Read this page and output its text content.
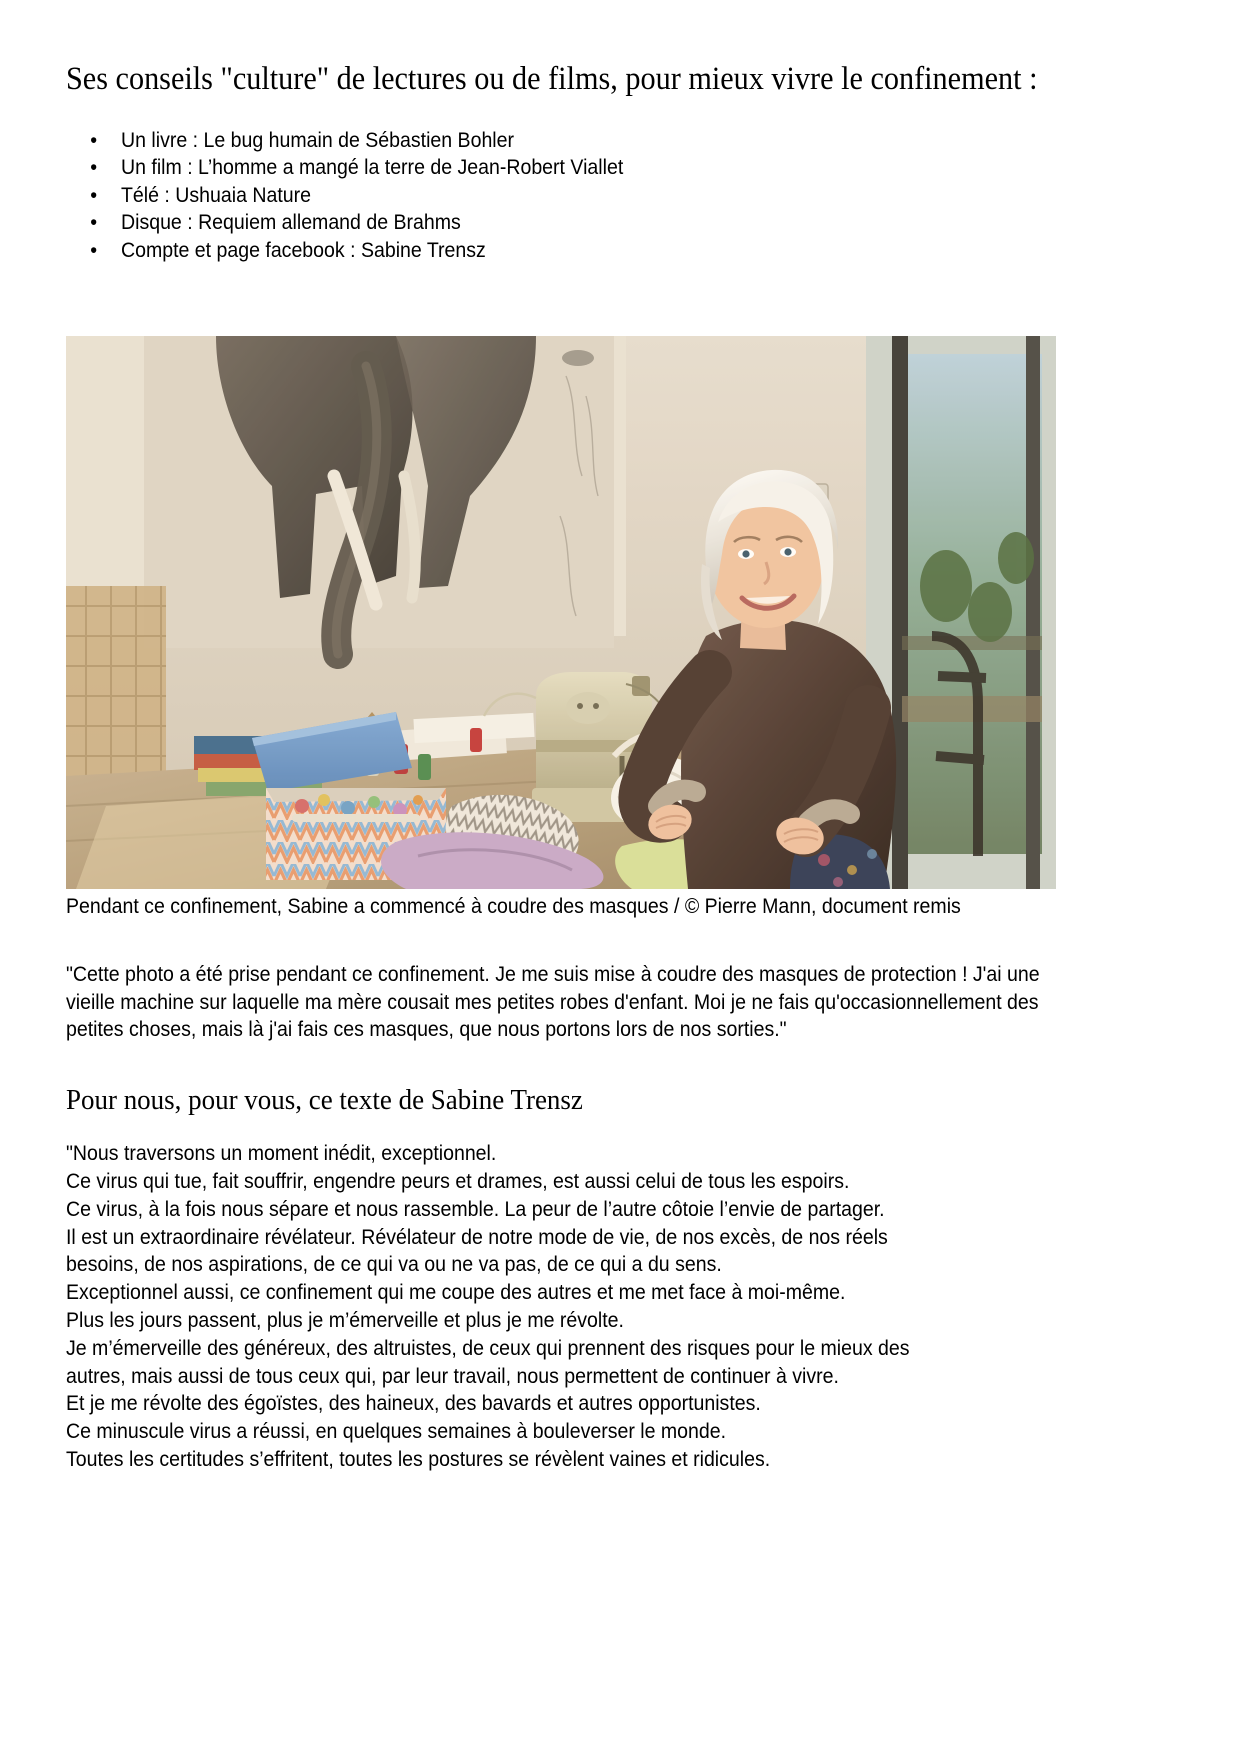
Ses conseils "culture" de lectures ou de films, pour mieux vivre le confinement :
• Un livre : Le bug humain de Sébastien Bohler
• Un film : L’homme a mangé la terre de Jean-Robert Viallet
• Télé : Ushuaia Nature
• Disque : Requiem allemand de Brahms
• Compte et page facebook : Sabine Trensz
Pendant ce confinement, Sabine a commencé à coudre des masques / © Pierre Mann, document remis

"Cette photo a été prise pendant ce confinement. Je me suis mise à coudre des masques de protection ! J'ai une vieille machine sur laquelle ma mère cousait mes petites robes d'enfant. Moi je ne fais qu'occasionnellement des petites choses, mais là j'ai fais ces masques, que nous portons lors de nos sorties."

Pour nous, pour vous, ce texte de Sabine Trensz
"Nous traversons un moment inédit, exceptionnel.
Ce virus qui tue, fait souffrir, engendre peurs et drames, est aussi celui de tous les espoirs.
Ce virus, à la fois nous sépare et nous rassemble. La peur de l’autre côtoie l’envie de partager.
Il est un extraordinaire révélateur. Révélateur de notre mode de vie, de nos excès, de nos réels
besoins, de nos aspirations, de ce qui va ou ne va pas, de ce qui a du sens.
Exceptionnel aussi, ce confinement qui me coupe des autres et me met face à moi-même.
Plus les jours passent, plus je m’émerveille et plus je me révolte.
Je m’émerveille des généreux, des altruistes, de ceux qui prennent des risques pour le mieux des
autres, mais aussi de tous ceux qui, par leur travail, nous permettent de continuer à vivre.
Et je me révolte des égoïstes, des haineux, des bavards et autres opportunistes.
Ce minuscule virus a réussi, en quelques semaines à bouleverser le monde.
Toutes les certitudes s’effritent, toutes les postures se révèlent vaines et ridicules.
